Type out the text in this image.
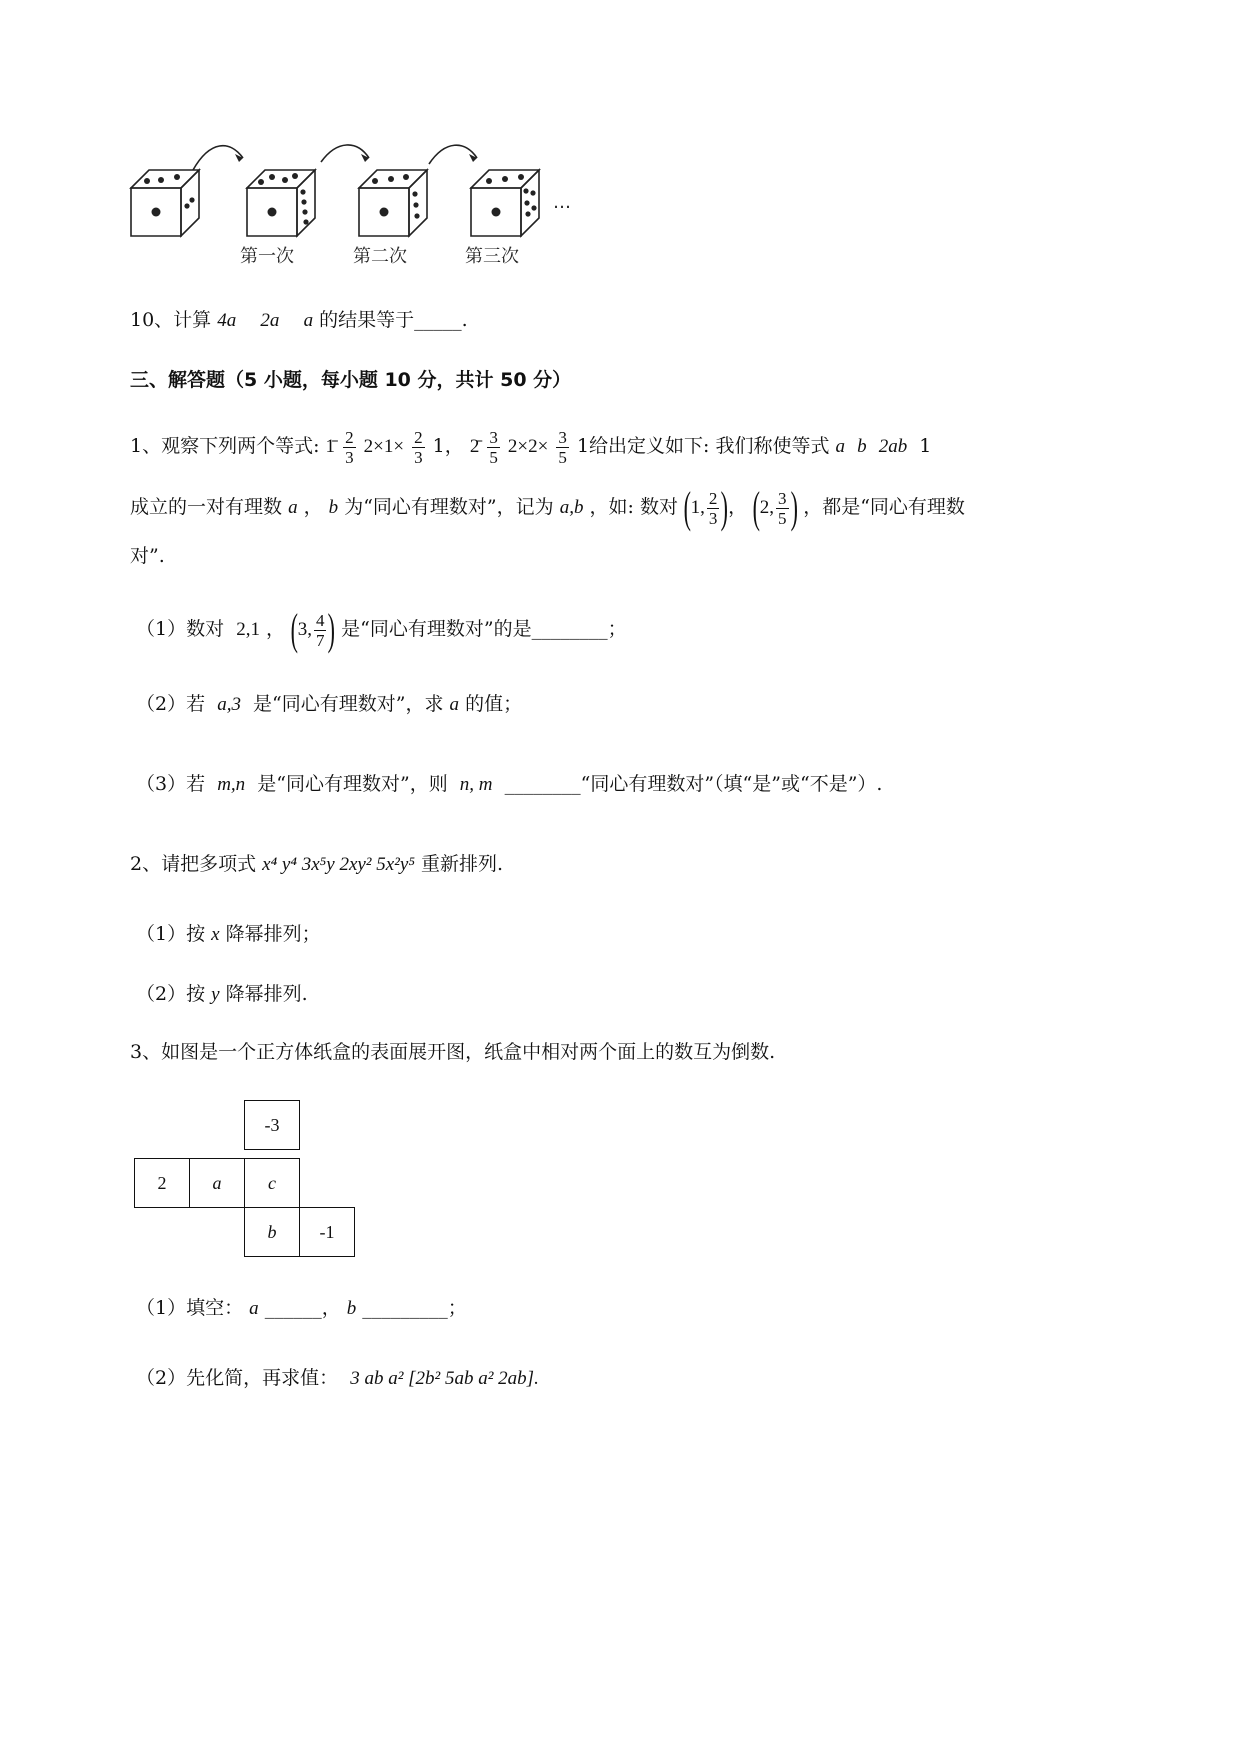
第一次	第二次	第三次
…
10、计算 4a 2a a 的结果等于_____.
三、解答题（5 小题，每小题 10 分，共计 50 分）
1、观察下列两个等式: 1̄ $\frac{2}{3} 2\times 1\times \frac{2}{3} 1$， 2̄ $\frac{3}{5} 2\times 2\times \frac{3}{5} 1$给出定义如下: 我们称使等式 a b 2ab 1
成立的一对有理数 a ， b 为“同心有理数对”，记为 a,b ，如: 数对 (1, $\frac{2}{3}$ )， (2, $\frac{3}{5}$ ) ，都是“同心有理数
对”.
（1）数对 2,1 ， (3, $\frac{4}{7}$ ) 是“同心有理数对”的是________；
（2）若 a,3 是“同心有理数对”，求 a 的值；
（3）若 m,n 是“同心有理数对”，则 n, m ________“同心有理数对”（填“是”或“不是”）.
2、请把多项式 x⁴ y⁴ 3x⁵y 2xy² 5x²y⁵ 重新排列.
（1）按 x 降幂排列；
（2）按 y 降幂排列.
3、如图是一个正方体纸盒的表面展开图，纸盒中相对两个面上的数互为倒数.
-3
2	a	c
b	-1
（1）填空： a ______， b _________；
（2）先化简，再求值： 3 ab a² [2b² 5ab a² 2ab].
